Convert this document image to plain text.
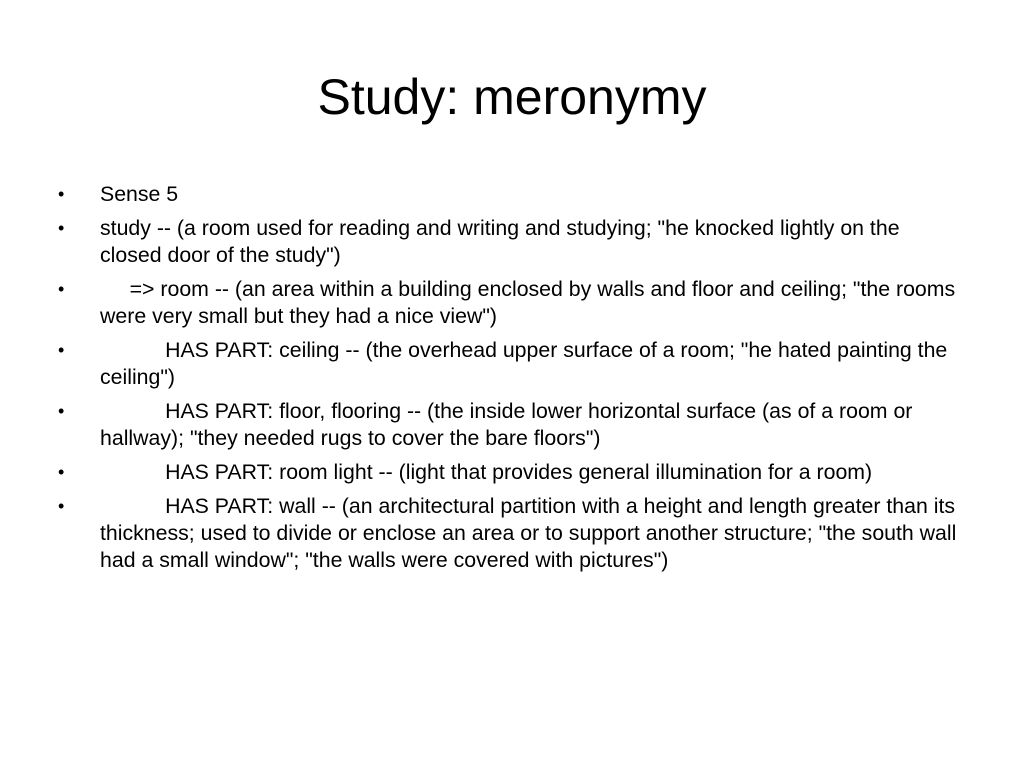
Study: meronymy
•	Sense 5
•	study -- (a room used for reading and writing and studying; "he knocked lightly on the closed door of the study")
•	=> room -- (an area within a building enclosed by walls and floor and ceiling; "the rooms were very small but they had a nice view")
•	HAS PART: ceiling -- (the overhead upper surface of a room; "he hated painting the ceiling")
•	HAS PART: floor, flooring -- (the inside lower horizontal surface (as of a room or hallway); "they needed rugs to cover the bare floors")
•	HAS PART: room light -- (light that provides general illumination for a room)
•	HAS PART: wall -- (an architectural partition with a height and length greater than its thickness; used to divide or enclose an area or to support another structure; "the south wall had a small window"; "the walls were covered with pictures")
